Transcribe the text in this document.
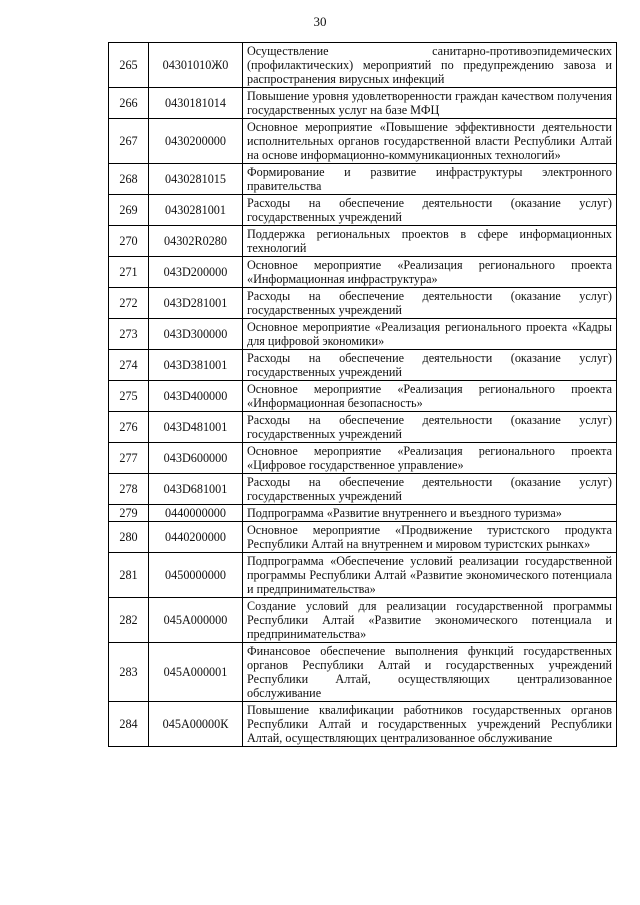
30
265	04301010Ж0	Осуществление санитарно-противоэпидемических (профилактических) мероприятий по предупреждению завоза и распространения вирусных инфекций
266	0430181014	Повышение уровня удовлетворенности граждан качеством получения государственных услуг на базе МФЦ
267	0430200000	Основное мероприятие «Повышение эффективности деятельности исполнительных органов государственной власти Республики Алтай на основе информационно-коммуникационных технологий»
268	0430281015	Формирование и развитие инфраструктуры электронного правительства
269	0430281001	Расходы на обеспечение деятельности (оказание услуг) государственных учреждений
270	04302R0280	Поддержка региональных проектов в сфере информационных технологий
271	043D200000	Основное мероприятие «Реализация регионального проекта «Информационная инфраструктура»
272	043D281001	Расходы на обеспечение деятельности (оказание услуг) государственных учреждений
273	043D300000	Основное мероприятие «Реализация регионального проекта «Кадры для цифровой экономики»
274	043D381001	Расходы на обеспечение деятельности (оказание услуг) государственных учреждений
275	043D400000	Основное мероприятие «Реализация регионального проекта «Информационная безопасность»
276	043D481001	Расходы на обеспечение деятельности (оказание услуг) государственных учреждений
277	043D600000	Основное мероприятие «Реализация регионального проекта «Цифровое государственное управление»
278	043D681001	Расходы на обеспечение деятельности (оказание услуг) государственных учреждений
279	0440000000	Подпрограмма «Развитие внутреннего и въездного туризма»
280	0440200000	Основное мероприятие «Продвижение туристского продукта Республики Алтай на внутреннем и мировом туристских рынках»
281	0450000000	Подпрограмма «Обеспечение условий реализации государственной программы Республики Алтай «Развитие экономического потенциала и предпринимательства»
282	045А000000	Создание условий для реализации государственной программы Республики Алтай «Развитие экономического потенциала и предпринимательства»
283	045А000001	Финансовое обеспечение выполнения функций государственных органов Республики Алтай и государственных учреждений Республики Алтай, осуществляющих централизованное обслуживание
284	045А00000К	Повышение квалификации работников государственных органов Республики Алтай и государственных учреждений Республики Алтай, осуществляющих централизованное обслуживание
